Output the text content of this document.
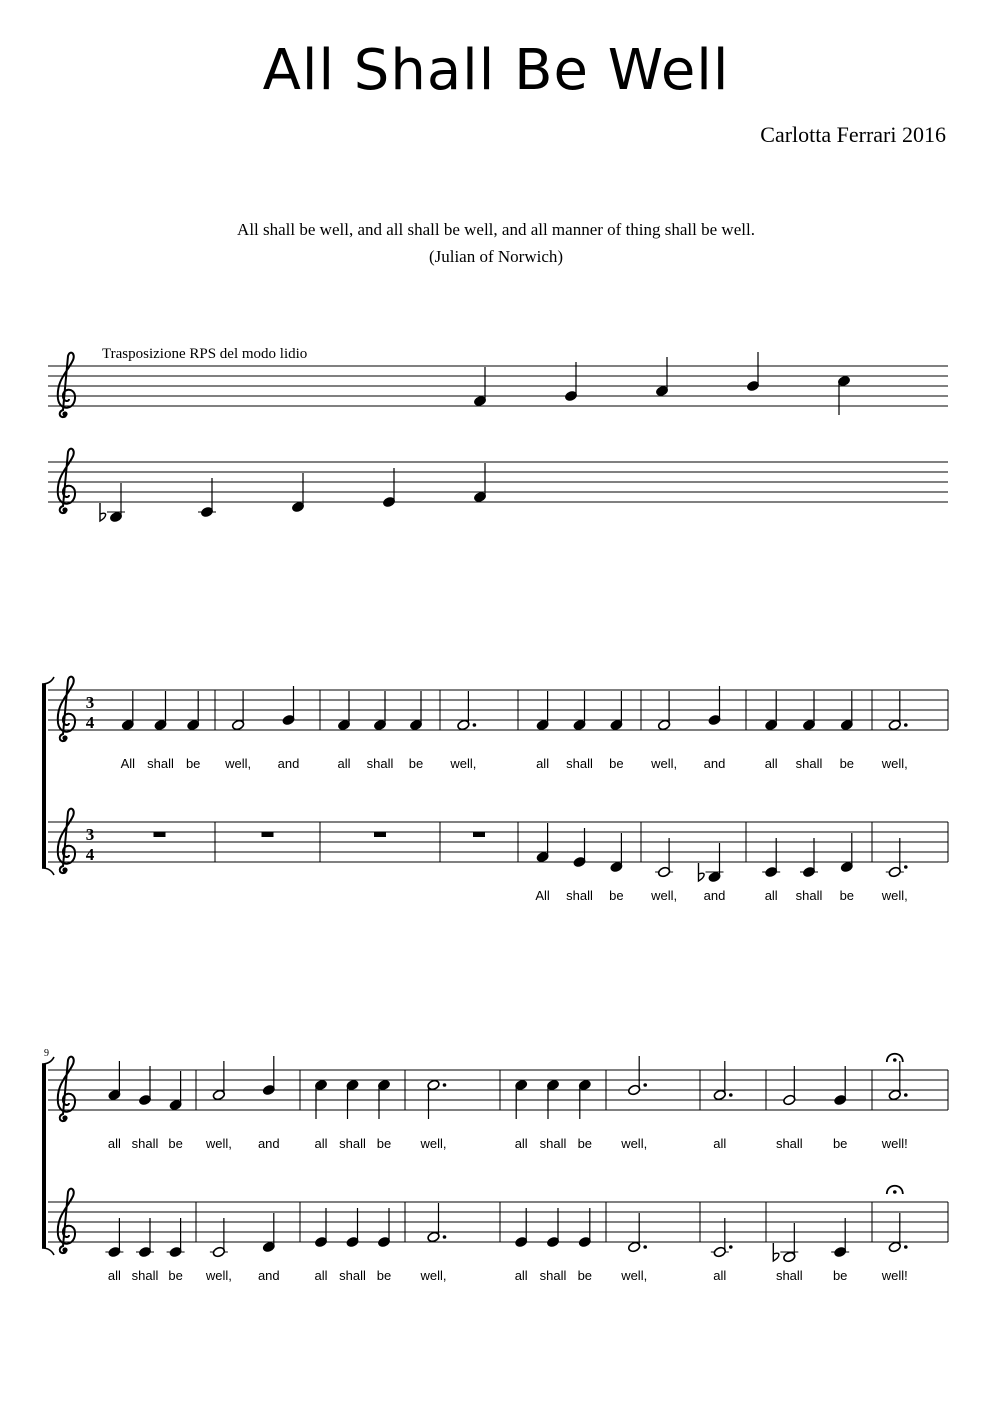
All Shall Be Well
Carlotta Ferrari 2016
All shall be well, and all shall be well, and all manner of thing shall be well.
(Julian of Norwich)
Trasposizione RPS del modo lidio
3
4
All shall be well, and	all shall be well,	all shall be well, and	all shall be well,
3
4
All shall be well, and	all shall be well,
9
all shall be well, and	all shall be well,	all shall be well,	all	shall be	well!
all shall be well, and	all shall be well,	all shall be well,	all	shall be	well!
